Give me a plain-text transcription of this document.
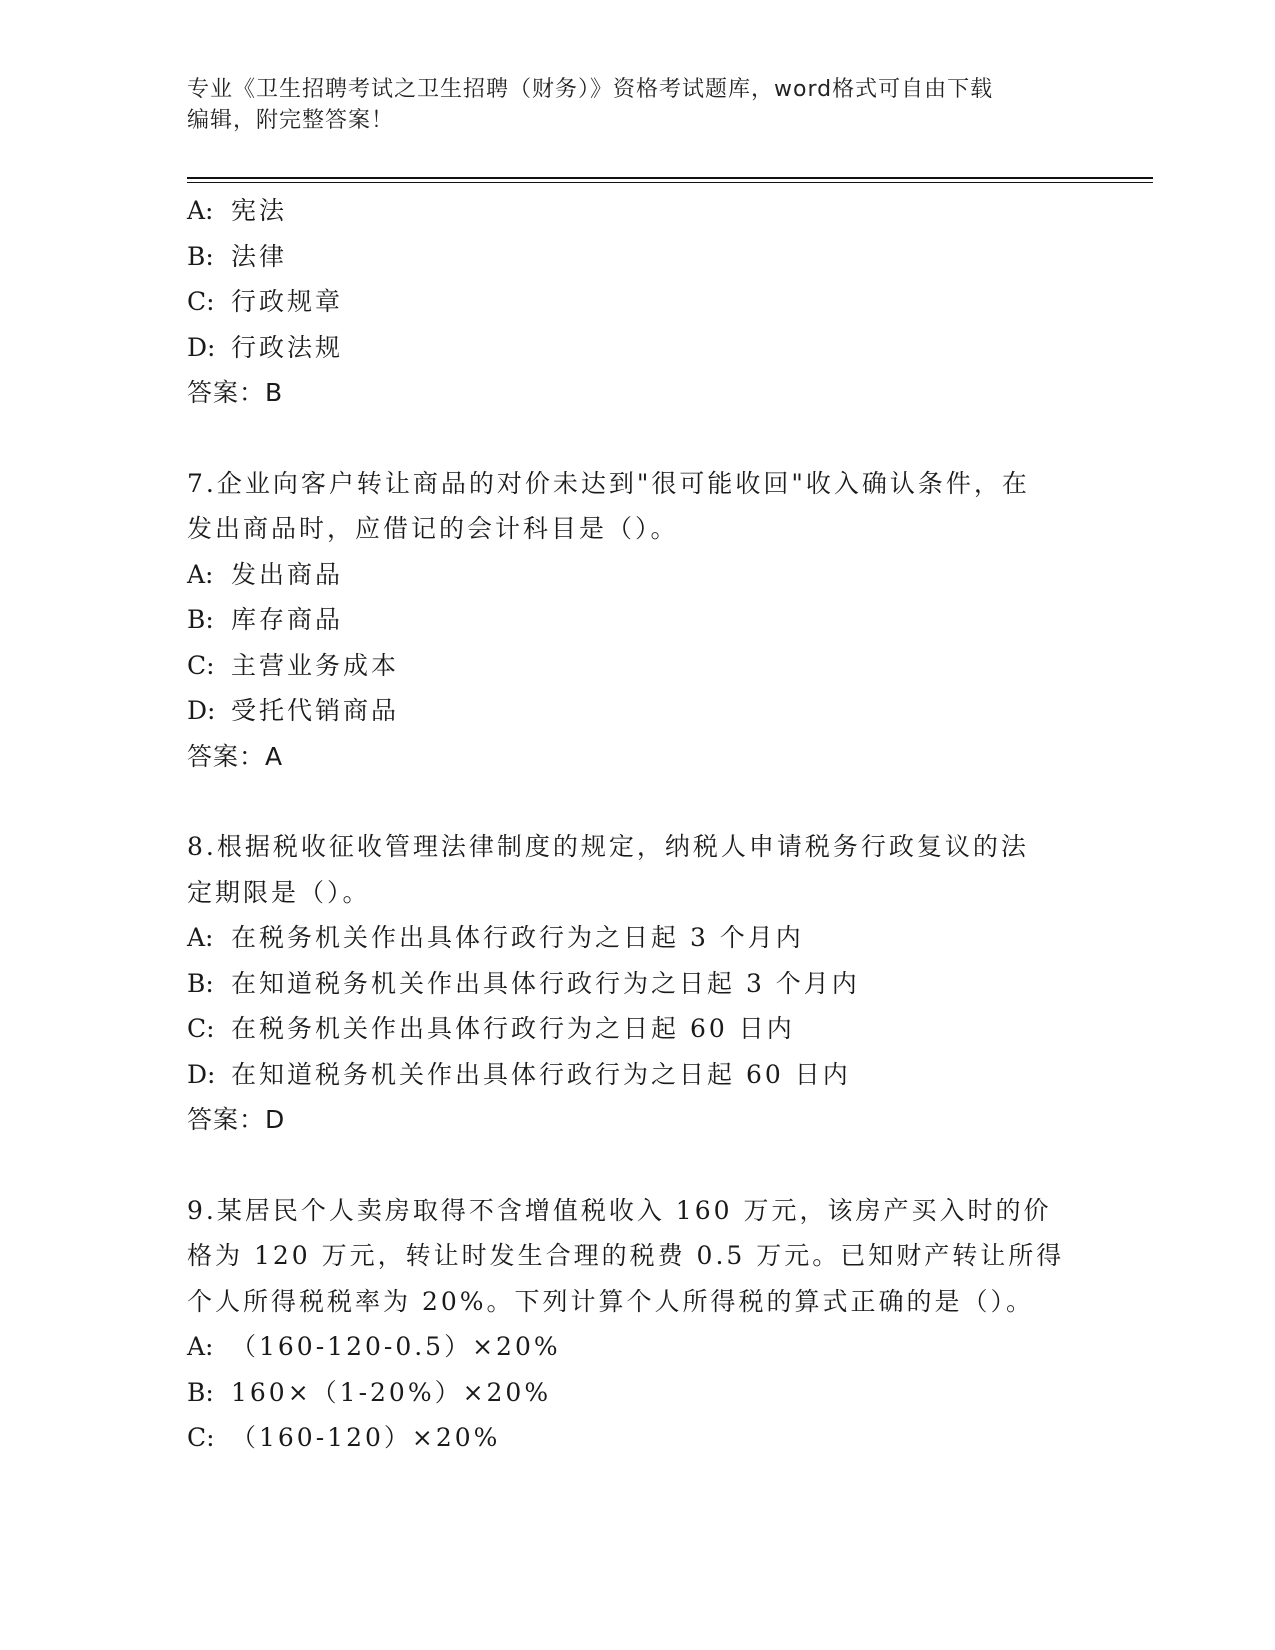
专业《卫生招聘考试之卫生招聘（财务）》资格考试题库，word格式可自由下载
编辑，附完整答案！
A: 宪法
B: 法律
C: 行政规章
D: 行政法规
答案：B
7.企业向客户转让商品的对价未达到"很可能收回"收入确认条件，在
发出商品时，应借记的会计科目是（）。
A: 发出商品
B: 库存商品
C: 主营业务成本
D: 受托代销商品
答案：A
8.根据税收征收管理法律制度的规定，纳税人申请税务行政复议的法
定期限是（）。
A: 在税务机关作出具体行政行为之日起 3 个月内
B: 在知道税务机关作出具体行政行为之日起 3 个月内
C: 在税务机关作出具体行政行为之日起 60 日内
D: 在知道税务机关作出具体行政行为之日起 60 日内
答案：D
9.某居民个人卖房取得不含增值税收入 160 万元，该房产买入时的价
格为 120 万元，转让时发生合理的税费 0.5 万元。已知财产转让所得
个人所得税税率为 20%。下列计算个人所得税的算式正确的是（）。
A: （160-120-0.5）×20%
B: 160×（1-20%）×20%
C: （160-120）×20%
